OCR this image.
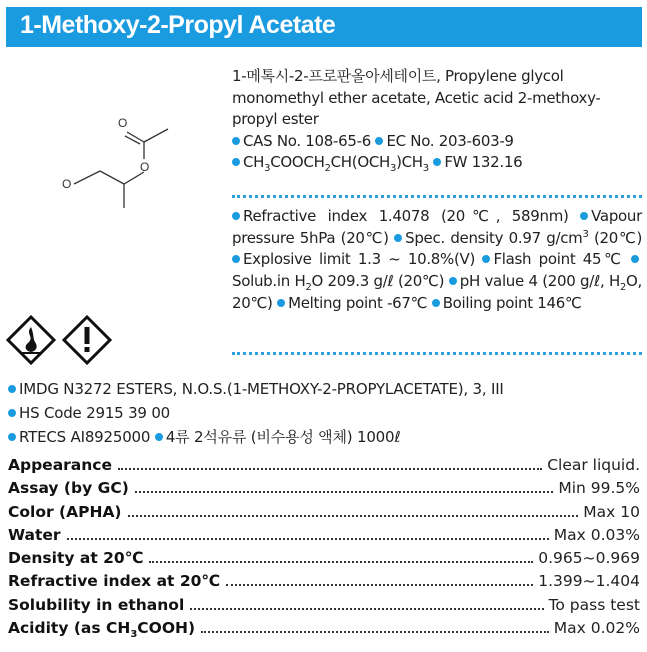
1-Methoxy-2-Propyl Acetate
O
O
O

1-메톡시-2-프로판올아세테이트, Propylene glycol monomethyl ether acetate, Acetic acid 2-methoxy-propyl ester

CAS No. 108-65-6 EC No. 203-603-9

$CH_3COOCH_2CH(OCH_3)CH_3$ FW 132.16

Refractive index 1.4078 (20℃, 589nm) Vapour pressure 5hPa (20℃) Spec. density 0.97 $g/cm^3$ (20℃) Explosive limit 1.3 ~ 10.8%(V) Flash point 45℃ Solub.in $H_2O$ 209.3 g/ℓ (20℃) pH value 4 (200 g/ℓ, $H_2O$, 20℃) Melting point -67℃ Boiling point 146℃

IMDG N3272 ESTERS, N.O.S.(1-METHOXY-2-PROPYLACETATE), 3, III

HS Code 2915 39 00

RTECS AI8925000 4류 2석유류 (비수용성 액체) 1000ℓ

Appearance	Clear liquid.
Assay (by GC)	Min 99.5%
Color (APHA)	Max 10
Water	Max 0.03%
Density at 20℃	0.965~0.969
Refractive index at 20℃	1.399~1.404
Solubility in ethanol	To pass test
Acidity (as $CH_3COOH$)	Max 0.02%
